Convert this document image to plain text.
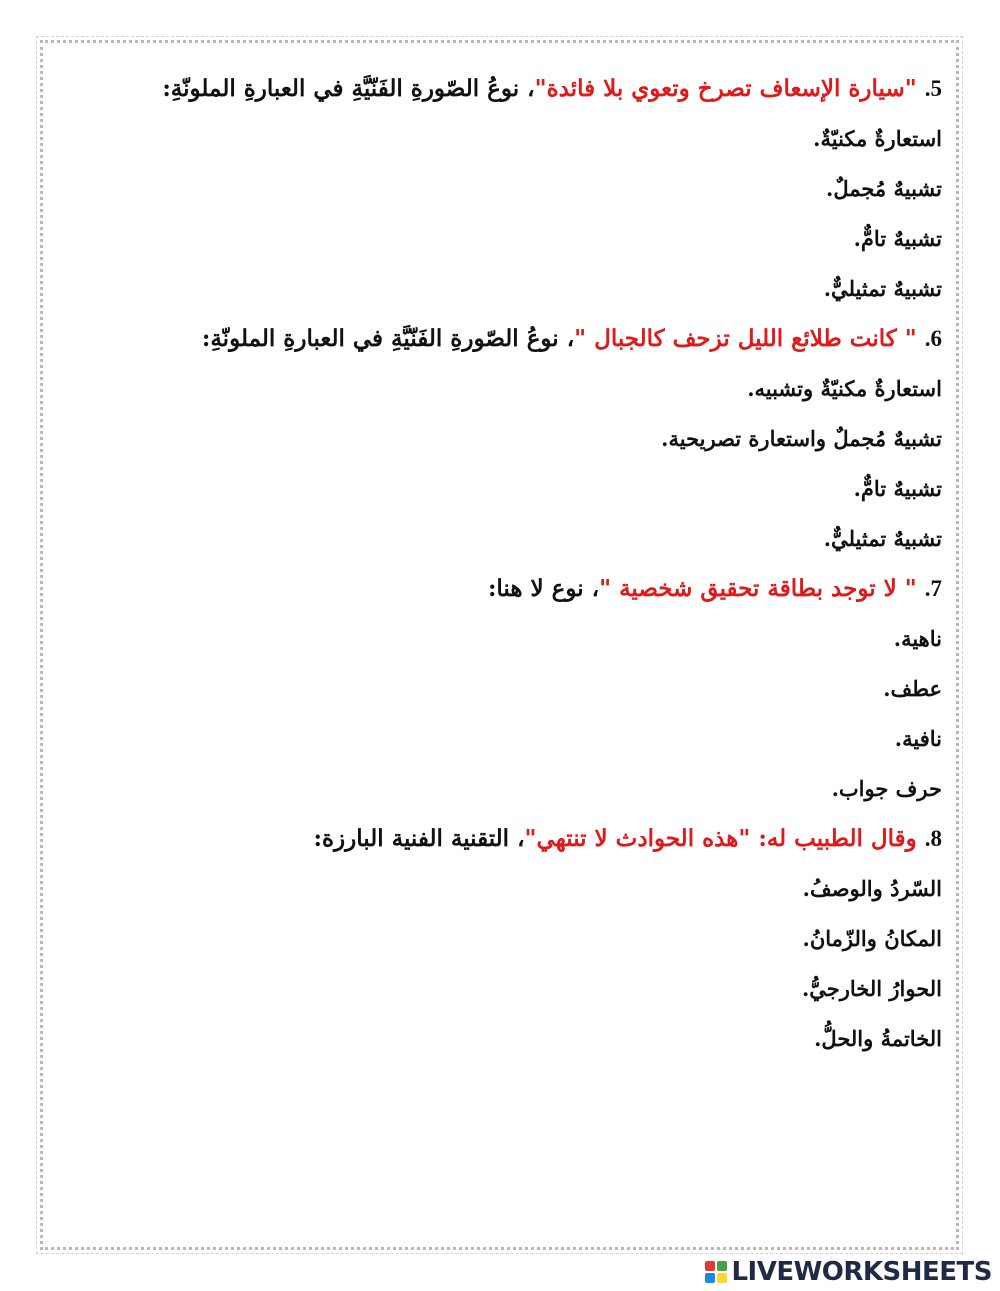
5. "سيارة الإسعاف تصرخ وتعوي بلا فائدة"، نوعُ الصّورةِ الفَنّيَّةِ في العبارةِ الملونّةِ:
استعارةٌ مكنيّةٌ.
تشبيهٌ مُجملٌ.
تشبيهٌ تامٌّ.
تشبيهٌ تمثيليٌّ.
6. " كانت طلائع الليل تزحف كالجبال "، نوعُ الصّورةِ الفَنّيَّةِ في العبارةِ الملونّةِ:
استعارةٌ مكنيّةٌ وتشبيه.
تشبيهٌ مُجملٌ واستعارة تصريحية.
تشبيهٌ تامٌّ.
تشبيهٌ تمثيليٌّ.
7. " لا توجد بطاقة تحقيق شخصية "، نوع لا هنا:
ناهية.
عطف.
نافية.
حرف جواب.
8. وقال الطبيب له: "هذه الحوادث لا تنتهي"، التقنية الفنية البارزة:
السّردُ والوصفُ.
المكانُ والزّمانُ.
الحوارُ الخارجيُّ.
الخاتمةُ والحلُّ.
LIVE WORKSHEETS
